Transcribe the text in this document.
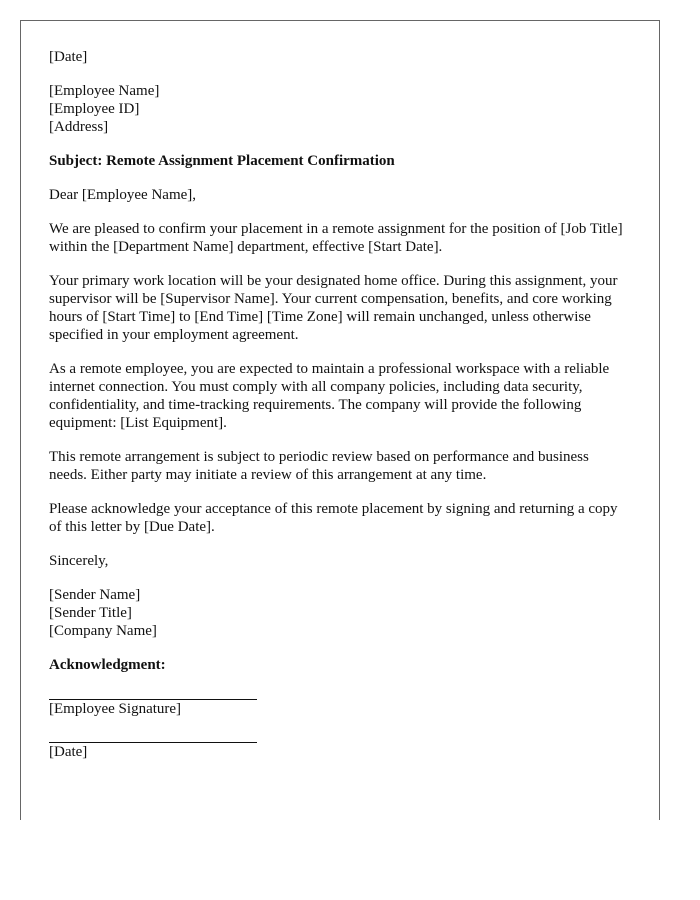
[Date]
[Employee Name]
[Employee ID]
[Address]
Subject: Remote Assignment Placement Confirmation
Dear [Employee Name],
We are pleased to confirm your placement in a remote assignment for the position of [Job Title] within the [Department Name] department, effective [Start Date].
Your primary work location will be your designated home office. During this assignment, your supervisor will be [Supervisor Name]. Your current compensation, benefits, and core working hours of [Start Time] to [End Time] [Time Zone] will remain unchanged, unless otherwise specified in your employment agreement.
As a remote employee, you are expected to maintain a professional workspace with a reliable internet connection. You must comply with all company policies, including data security, confidentiality, and time-tracking requirements. The company will provide the following equipment: [List Equipment].
This remote arrangement is subject to periodic review based on performance and business needs. Either party may initiate a review of this arrangement at any time.
Please acknowledge your acceptance of this remote placement by signing and returning a copy of this letter by [Due Date].
Sincerely,
[Sender Name]
[Sender Title]
[Company Name]
Acknowledgment:
[Employee Signature]
[Date]
